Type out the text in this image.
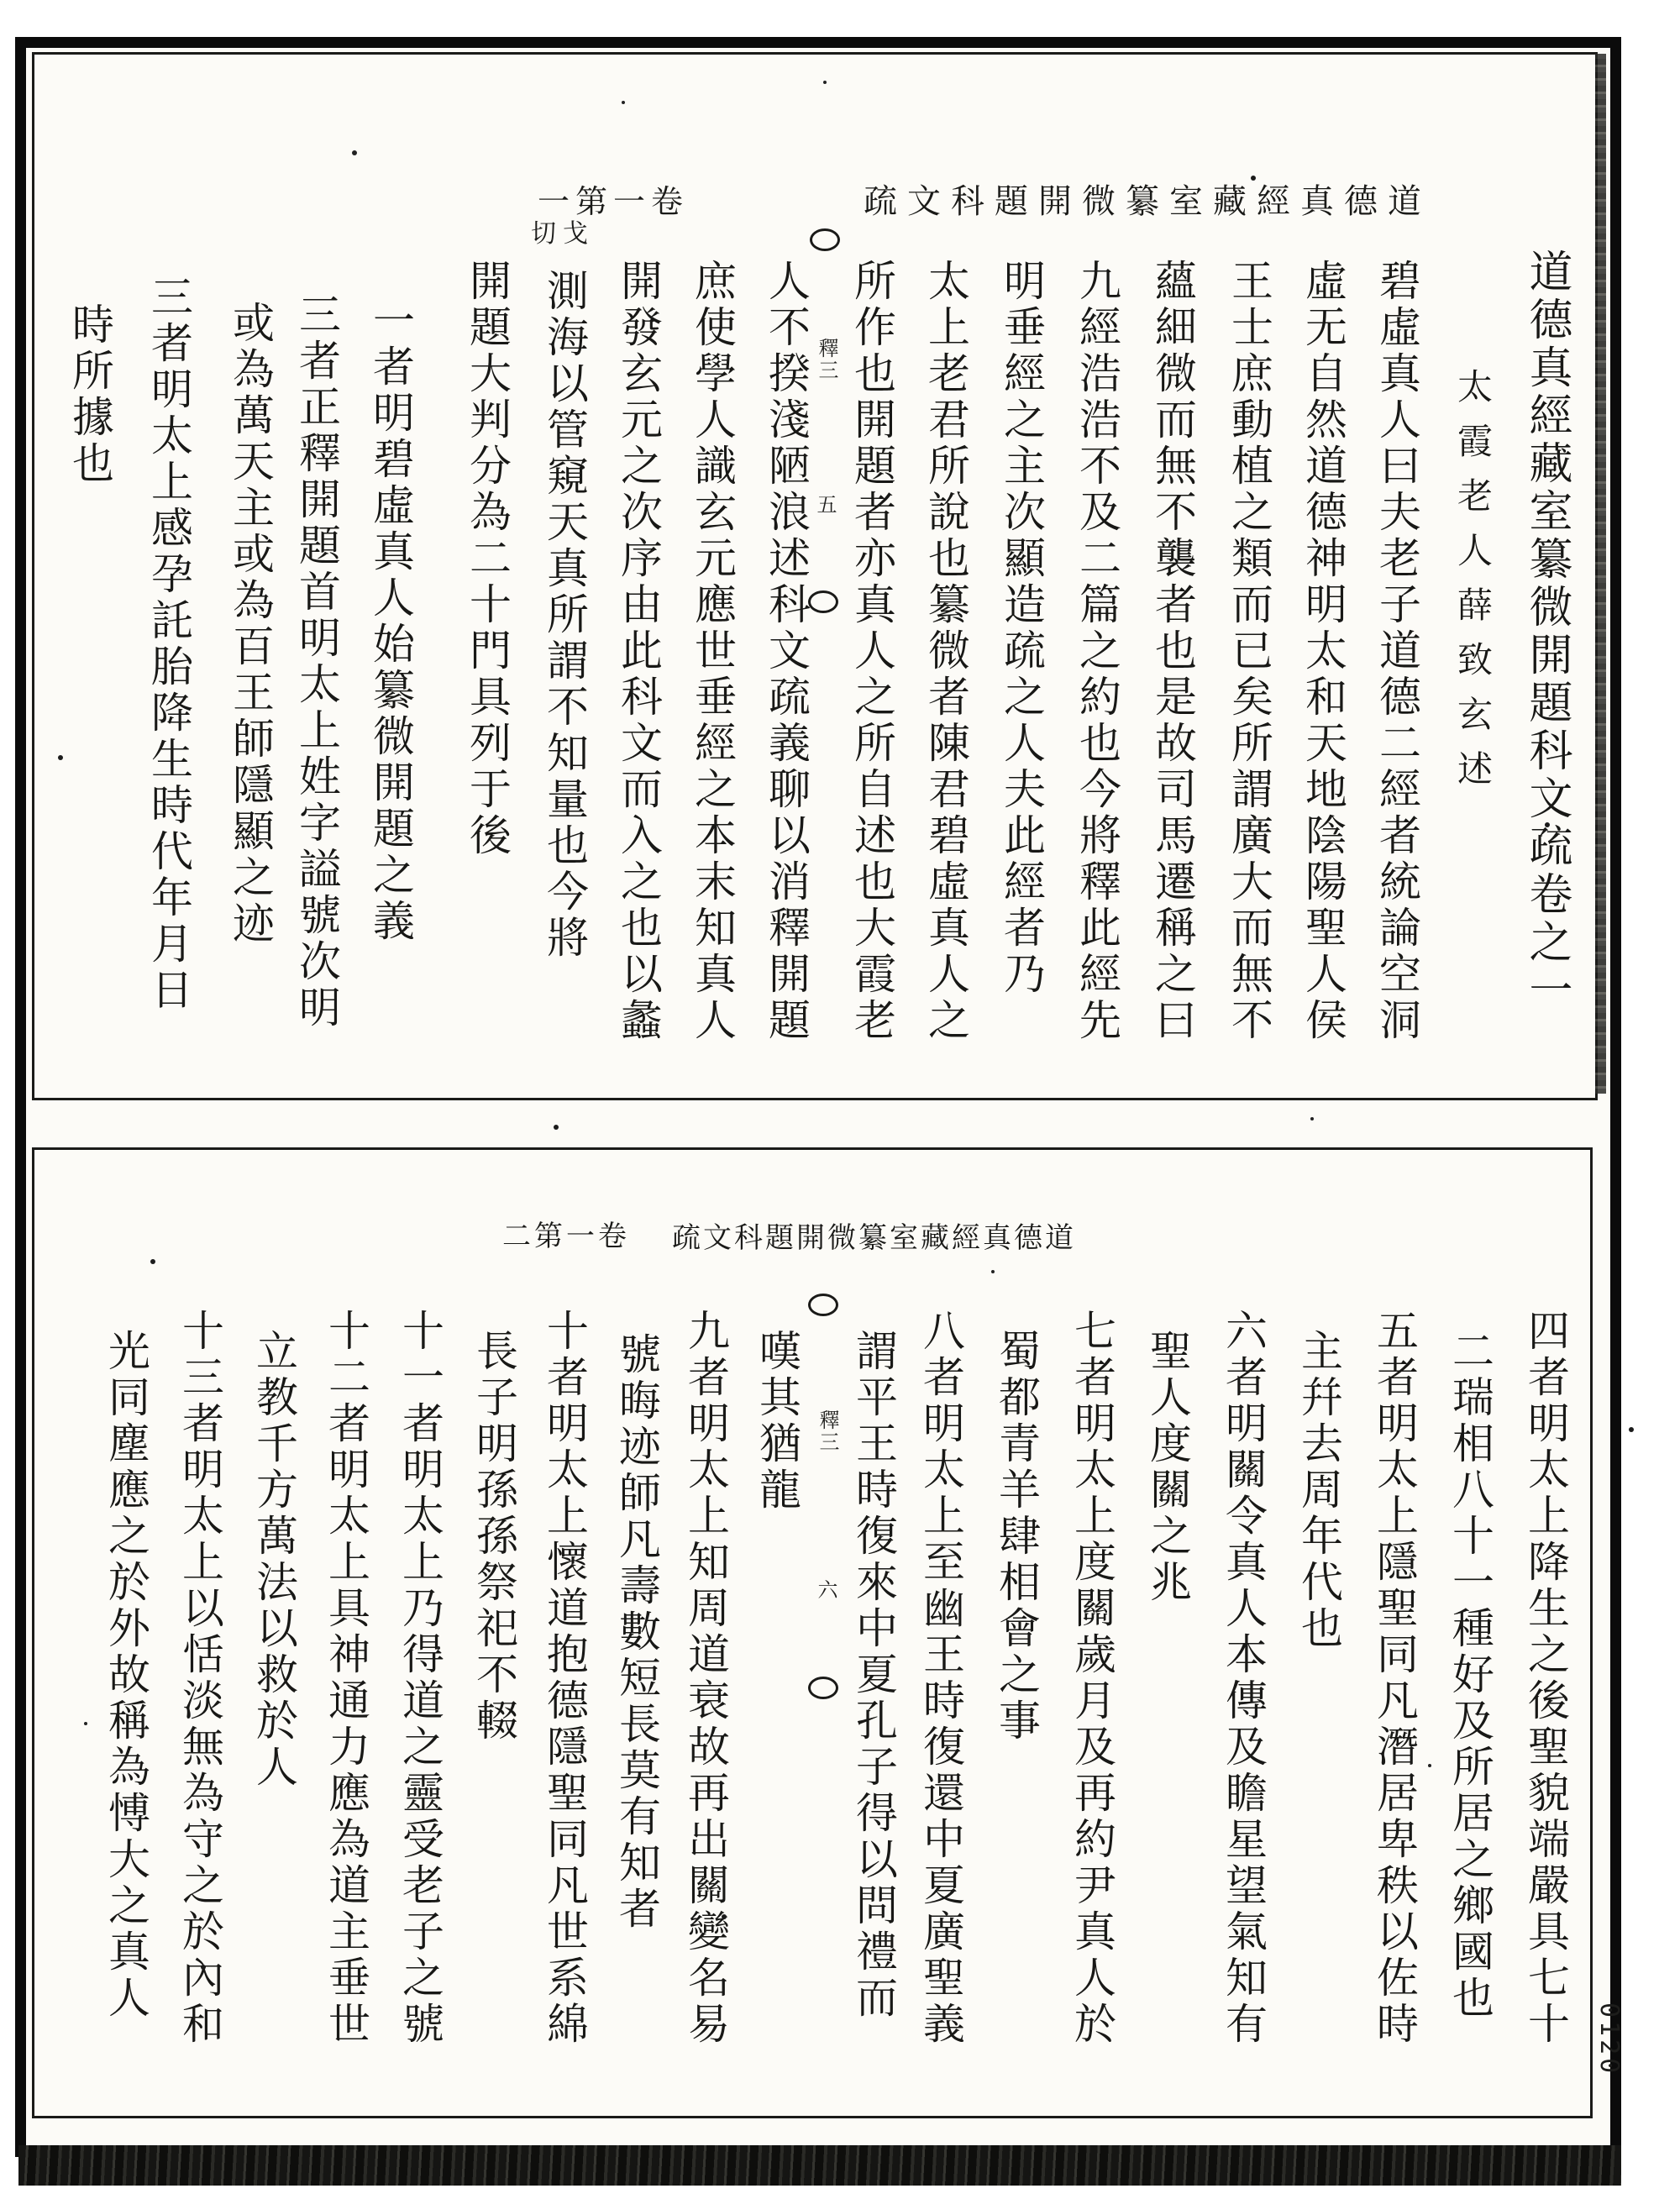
一第一卷	疏文科題開微纂室藏經真德道
二第一卷 疏文科題開微纂室藏經真德道
道德真經藏室纂微開題科文疏卷之一
太霞老人薛致玄述
碧虛真人曰夫老子道德二經者統論空洞
虛无自然道德神明太和天地陰陽聖人侯
王士庶動植之類而已矣所謂廣大而無不
蘊細微而無不襲者也是故司馬遷稱之曰
九經浩浩不及二篇之約也今將釋此經先
明垂經之主次顯造疏之人夫此經者乃
太上老君所說也纂微者陳君碧虛真人之
所作也開題者亦真人之所自述也大霞老
人不揆淺陋浪述科文疏義聊以消釋開題
庶使學人識玄元應世垂經之本末知真人
開發玄元之次序由此科文而入之也以蠡
測海以管窺天真所謂不知量也今將
開題大判分為二十門具列于後
一者明碧虛真人始纂微開題之義
三者正釋開題首明太上姓字謚號次明
或為萬天主或為百王師隱顯之迹
三者明太上感孕託胎降生時代年月日
時所據也	釋三
五
切戈
四者明太上降生之後聖貌端嚴具七十
二瑞相八十一種好及所居之鄉國也
五者明太上隱聖同凡潛居卑秩以佐時
主幷去周年代也
六者明關令真人本傳及瞻星望氣知有
聖人度關之兆
七者明太上度關歲月及再約尹真人於
蜀都青羊肆相會之事
八者明太上至幽王時復還中夏廣聖義
謂平王時復來中夏孔子得以問禮而
嘆其猶龍
九者明太上知周道衰故再出關變名易
號晦迹師凡壽數短長莫有知者
十者明太上懷道抱德隱聖同凡世系綿
長子明孫孫祭祀不輟
十一者明太上乃得道之靈受老子之號
十二者明太上具神通力應為道主垂世
立教千方萬法以救於人
十三者明太上以恬淡無為守之於內和
光同塵應之於外故稱為愽大之真人	釋三
六
0120
